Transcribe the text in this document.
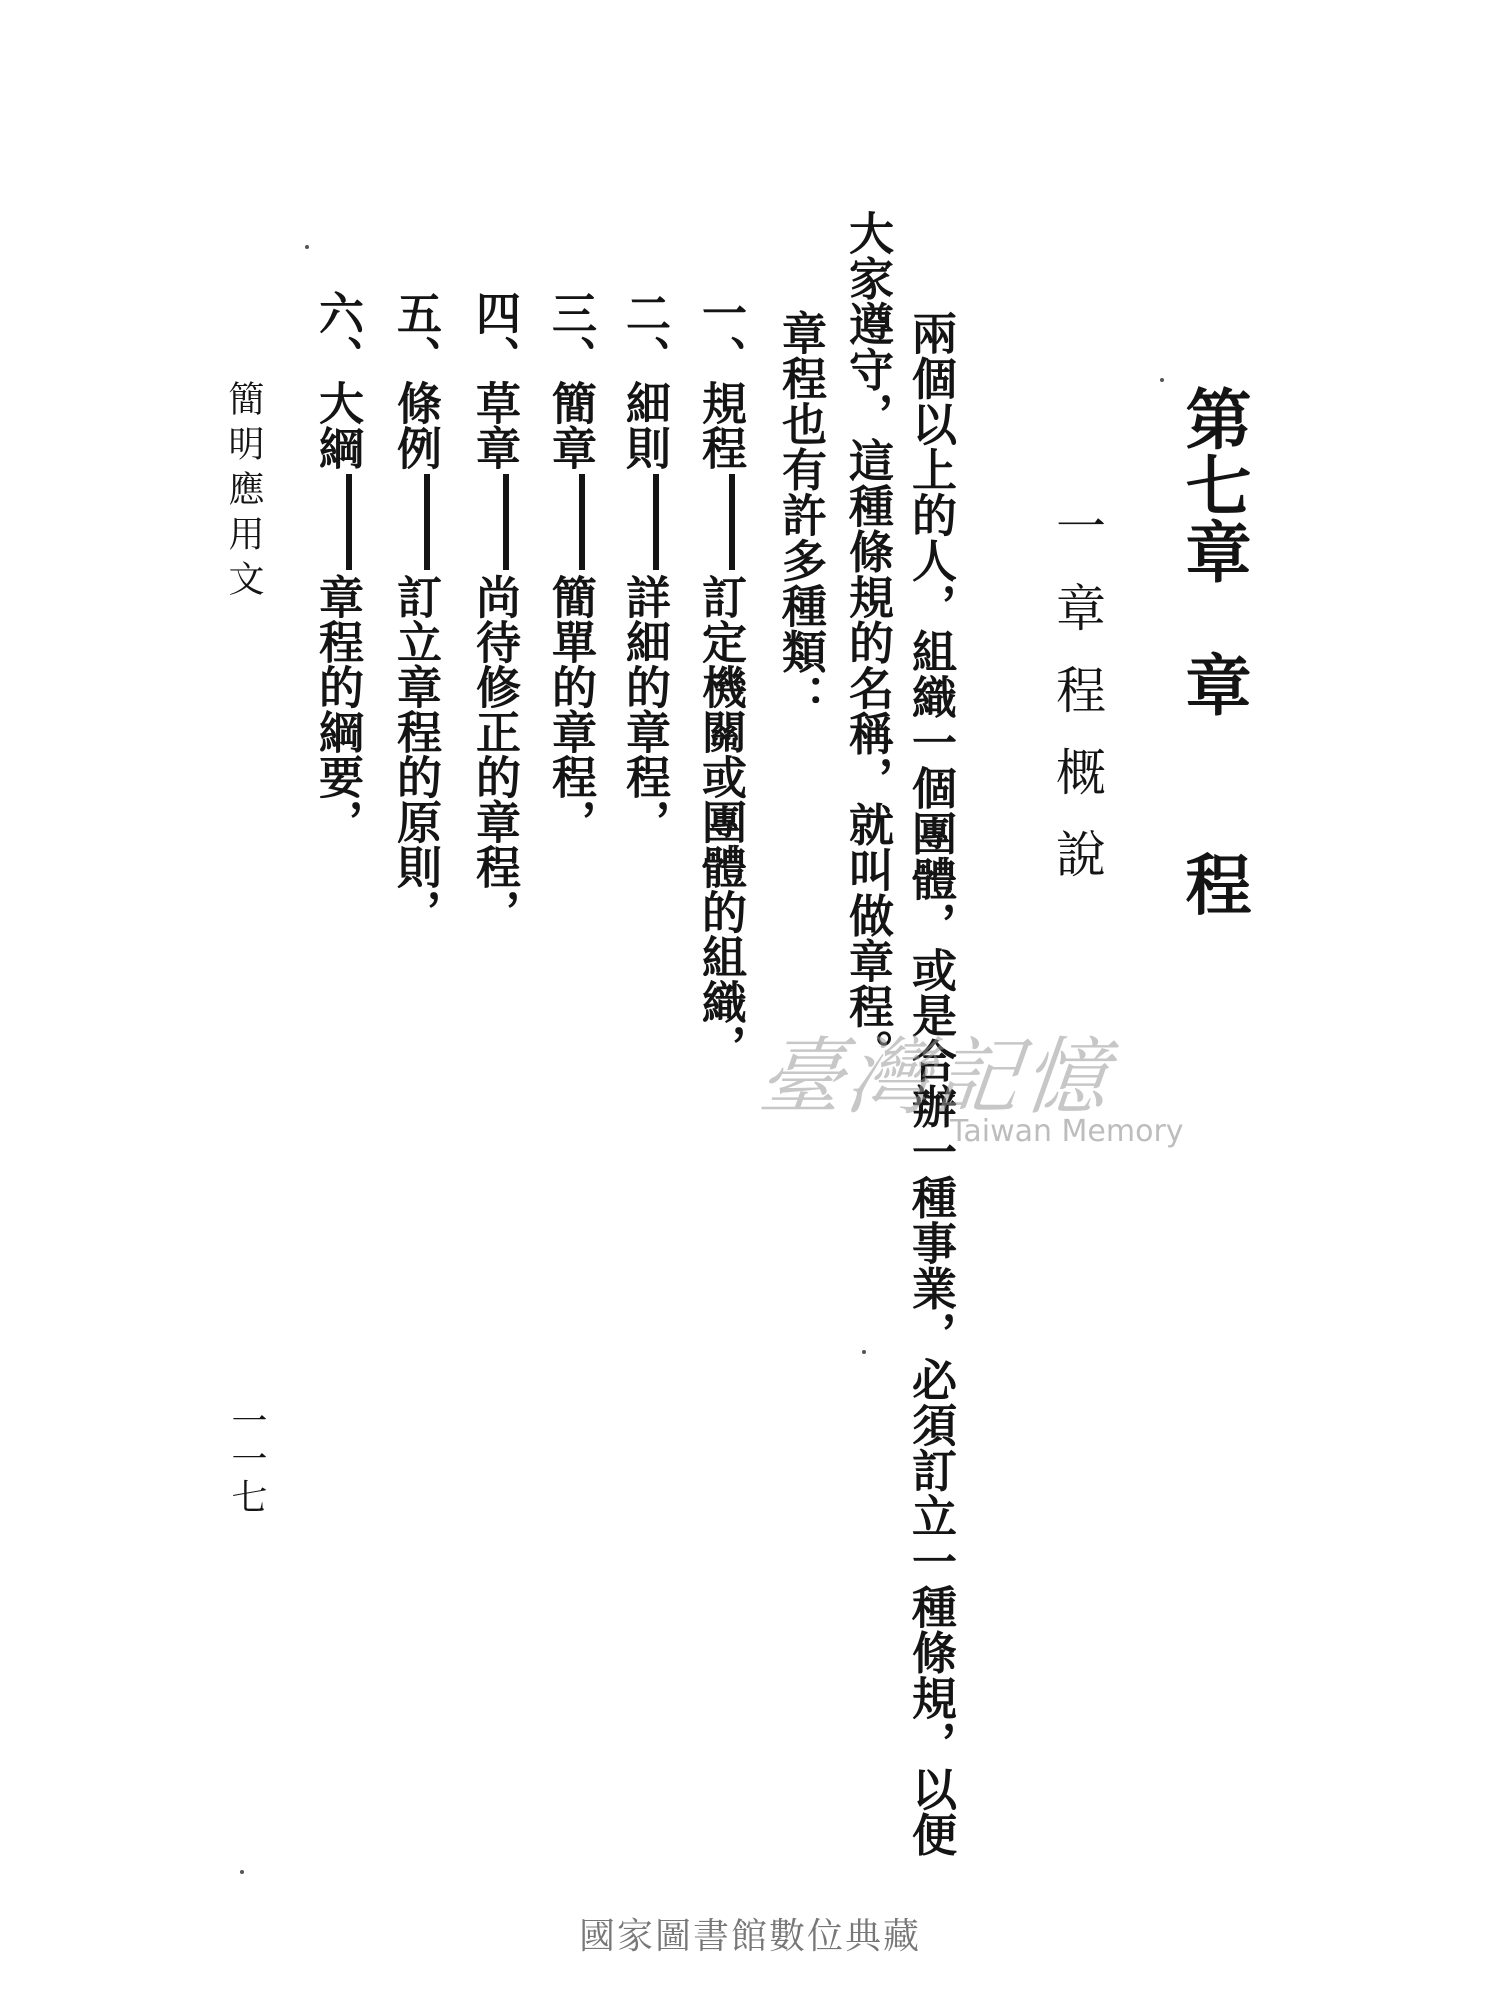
第七章　章　　程
一章程概說
兩個以上的人，組織一個團體，或是合辦一種事業，必須訂立一種條規，以便
大家遵守，這種條規的名稱，就叫做章程。
章程也有許多種類：
一、規程訂定機關或團體的組織，
二、細則詳細的章程，
三、簡章簡單的章程，
四、草章尚待修正的章程，
五、條例訂立章程的原則，
六、大綱章程的綱要，
簡明應用文
一一七
臺灣記憶
Taiwan Memory
國家圖書館數位典藏
